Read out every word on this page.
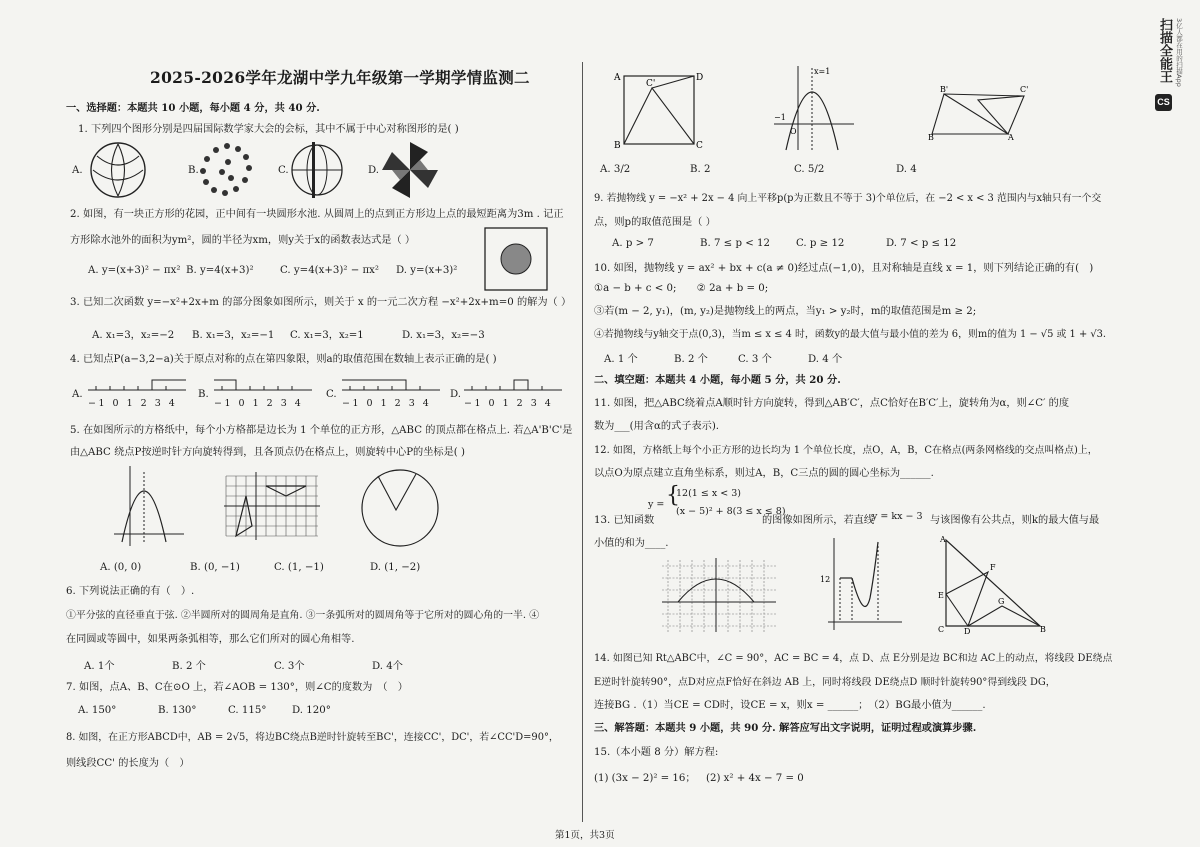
2025-2026学年龙湖中学九年级第一学期学情监测二
一、选择题：本题共 10 小题，每小题 4 分，共 40 分.
1. 下列四个图形分别是四届国际数学家大会的会标，其中不属于中心对称图形的是( )
A.	B.	C.	D.
2. 如图，有一块正方形的花园，正中间有一块圆形水池. 从圆周上的点到正方形边上点的最短距离为3m . 记正
方形除水池外的面积为ym²，圆的半径为xm，则y关于x的函数表达式是（ ）
A. y=(x+3)² − πx² B. y=4(x+3)²	C. y=4(x+3)² − πx² D. y=(x+3)²
3. 已知二次函数 y=−x²+2x+m 的部分图象如图所示，则关于 x 的一元二次方程 −x²+2x+m=0 的解为（ ）
A. x₁=3，x₂=−2 B. x₁=3，x₂=−1 C. x₁=3，x₂=1	D. x₁=3，x₂=−3
4. 已知点P(a−3,2−a)关于原点对称的点在第四象限，则a的取值范围在数轴上表示正确的是( )
A.
−1 0 1 2 3 4
B.
−1 0 1 2 3 4
C.
−1 0 1 2 3 4
D.
−1 0 1 2 3 4
5. 在如图所示的方格纸中，每个小方格都是边长为 1 个单位的正方形，△ABC 的顶点都在格点上. 若△A'B'C'是
由△ABC 绕点P按逆时针方向旋转得到，且各顶点仍在格点上，则旋转中心P的坐标是( )
A. (0, 0)	B. (0, −1)	C. (1, −1)	D. (1, −2)
6. 下列说法正确的有（　）.
①平分弦的直径垂直于弦. ②半圆所对的圆周角是直角. ③一条弧所对的圆周角等于它所对的圆心角的一半. ④
在同圆或等圆中，如果两条弧相等，那么它们所对的圆心角相等.
A. 1个	B. 2 个	C. 3个	D. 4个
7. 如图，点A、B、C在⊙O 上，若∠AOB = 130°，则∠C的度数为　（　）
A. 150°	B. 130°	C. 115°	D. 120°
8. 如图，在正方形ABCD中，AB = 2√5，将边BC绕点B逆时针旋转至BC'，连接CC'，DC'，若∠CC'D=90°，
则线段CC' 的长度为（　）
A	D
B	C
C'
x=1
−1
O
B'	C'
B	A
A. 3/2	B. 2	C. 5/2	D. 4
9. 若抛物线 y = −x² + 2x − 4 向上平移p(p为正数且不等于 3)个单位后，在 −2 < x < 3 范围内与x轴只有一个交
点，则p的取值范围是（ ）
A. p > 7	B. 7 ≤ p < 12	C. p ≥ 12	D. 7 < p ≤ 12
10. 如图，抛物线 y = ax² + bx + c(a ≠ 0)经过点(−1,0)，且对称轴是直线 x = 1，则下列结论正确的有(　)
①a − b + c < 0;　　② 2a + b = 0;
③若(m − 2, y₁)，(m, y₂)是抛物线上的两点，当y₁ > y₂时，m的取值范围是m ≥ 2;
④若抛物线与y轴交于点(0,3)，当m ≤ x ≤ 4 时，函数y的最大值与最小值的差为 6，则m的值为 1 − √5 或 1 + √3.
A. 1 个	B. 2 个	C. 3 个	D. 4 个
二、填空题：本题共 4 小题，每小题 5 分，共 20 分.
11. 如图，把△ABC绕着点A顺时针方向旋转，得到△AB′C′，点C恰好在B′C′上，旋转角为α，则∠C′ 的度
数为___(用含α的式子表示).
12. 如图，方格纸上每个小正方形的边长均为 1 个单位长度，点O，A，B，C在格点(两条网格线的交点叫格点)上，
以点O为原点建立直角坐标系，则过A，B，C三点的圆的圆心坐标为______.
13. 已知函数
y = {
12(1 ≤ x < 3)
(x − 5)² + 8(3 ≤ x ≤ 8)
的图像如图所示，若直线
y = kx − 3 与该图像有公共点，则k的最大值与最
小值的和为____.
12
A
E
C D
F
G
B
14. 如图已知 Rt△ABC中，∠C = 90°，AC = BC = 4，点 D、点 E分别是边 BC和边 AC上的动点，将线段 DE绕点
E逆时针旋转90°，点D对应点F恰好在斜边 AB 上，同时将线段 DE绕点D 顺时针旋转90°得到线段 DG，
连接BG .（1）当CE = CD时，设CE = x，则x = ______；　（2）BG最小值为______.
三、解答题：本题共 9 小题，共 90 分. 解答应写出文字说明，证明过程或演算步骤.
15.（本小题 8 分）解方程:
(1) (3x − 2)² = 16； (2) x² + 4x − 7 = 0
第1页，共3页
扫描全能王
CS
3亿人都在用的扫描App
